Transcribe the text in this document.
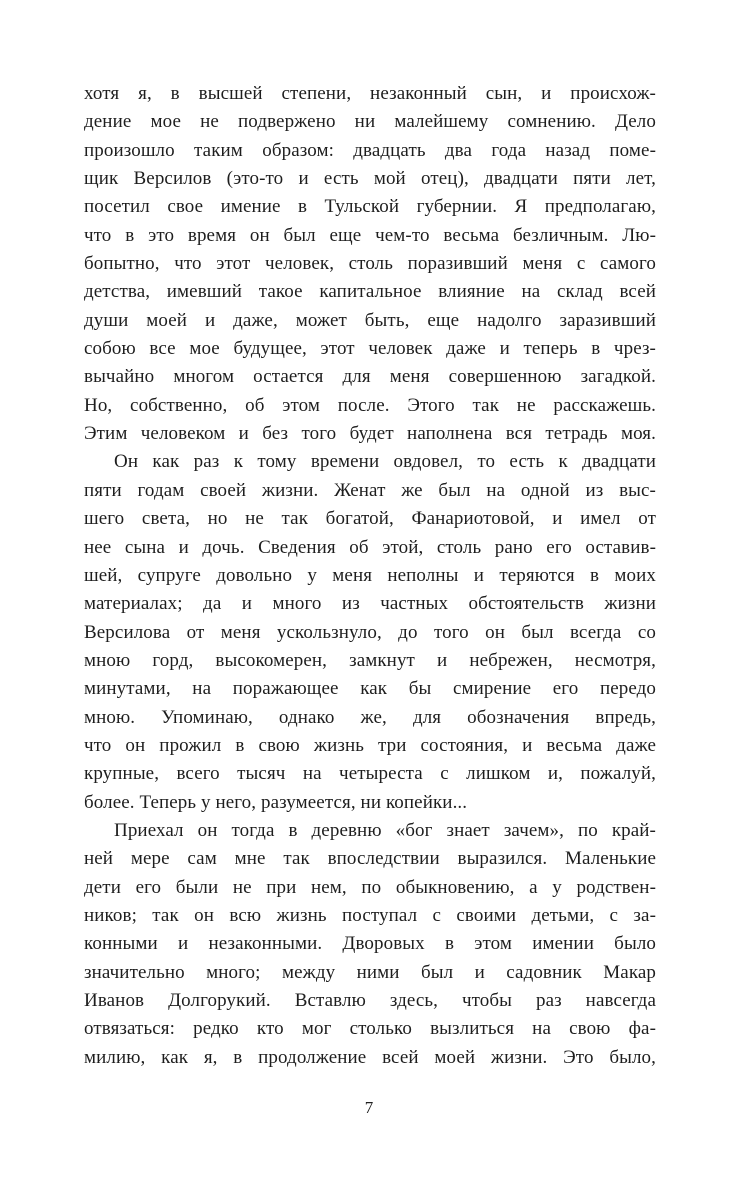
хотя я, в высшей степени, незаконный сын, и происхож-
дение мое не подвержено ни малейшему сомнению. Дело
произошло таким образом: двадцать два года назад поме-
щик Версилов (это-то и есть мой отец), двадцати пяти лет,
посетил свое имение в Тульской губернии. Я предполагаю,
что в это время он был еще чем-то весьма безличным. Лю-
бопытно, что этот человек, столь поразивший меня с самого
детства, имевший такое капитальное влияние на склад всей
души моей и даже, может быть, еще надолго заразивший
собою все мое будущее, этот человек даже и теперь в чрез-
вычайно многом остается для меня совершенною загадкой.
Но, собственно, об этом после. Этого так не расскажешь.
Этим человеком и без того будет наполнена вся тетрадь моя.
Он как раз к тому времени овдовел, то есть к двадцати
пяти годам своей жизни. Женат же был на одной из выс-
шего света, но не так богатой, Фанариотовой, и имел от
нее сына и дочь. Сведения об этой, столь рано его оставив-
шей, супруге довольно у меня неполны и теряются в моих
материалах; да и много из частных обстоятельств жизни
Версилова от меня ускользнуло, до того он был всегда со
мною горд, высокомерен, замкнут и небрежен, несмотря,
минутами, на поражающее как бы смирение его передо
мною. Упоминаю, однако же, для обозначения впредь,
что он прожил в свою жизнь три состояния, и весьма даже
крупные, всего тысяч на четыреста с лишком и, пожалуй,
более. Теперь у него, разумеется, ни копейки...
Приехал он тогда в деревню «бог знает зачем», по край-
ней мере сам мне так впоследствии выразился. Маленькие
дети его были не при нем, по обыкновению, а у родствен-
ников; так он всю жизнь поступал с своими детьми, с за-
конными и незаконными. Дворовых в этом имении было
значительно много; между ними был и садовник Макар
Иванов Долгорукий. Вставлю здесь, чтобы раз навсегда
отвязаться: редко кто мог столько вызлиться на свою фа-
милию, как я, в продолжение всей моей жизни. Это было,
7
